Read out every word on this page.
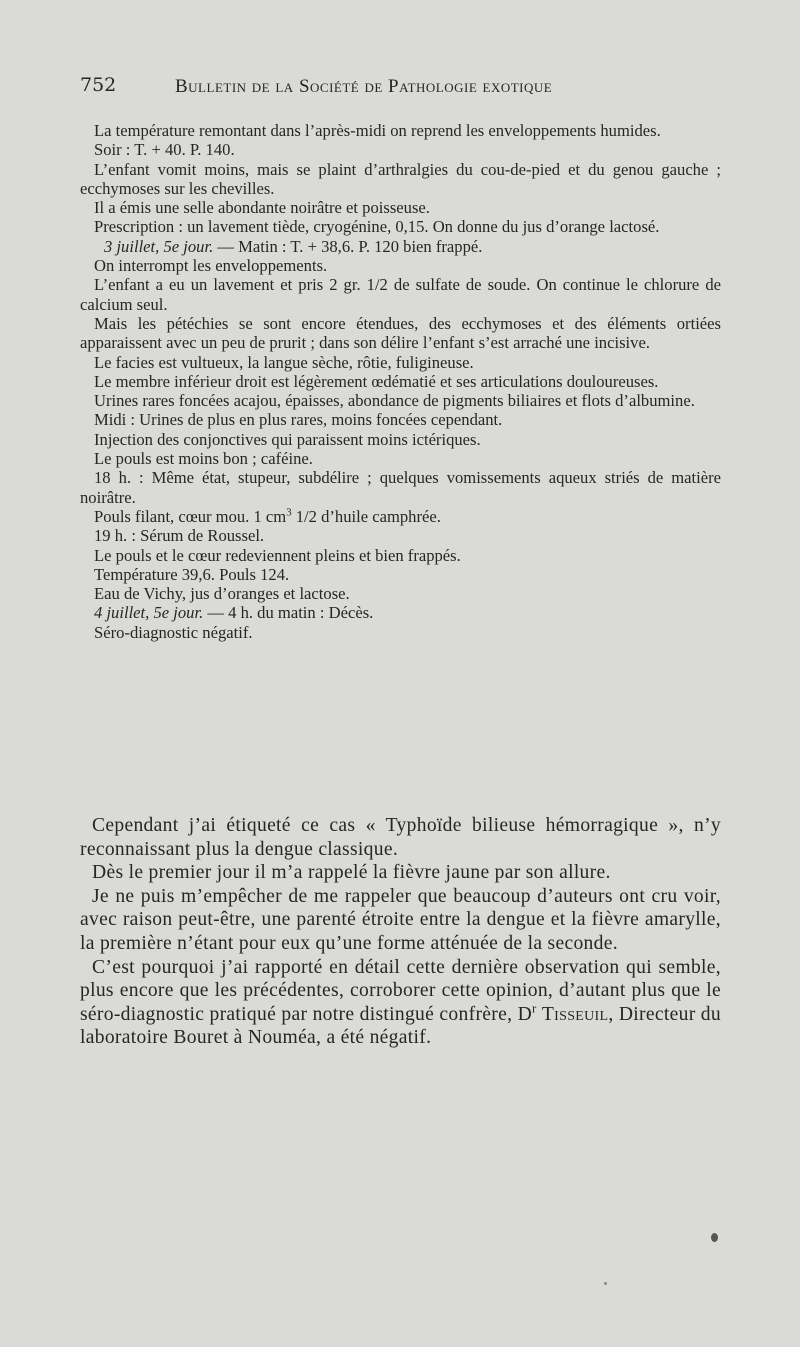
752	Bulletin de la Société de Pathologie exotique

La température remontant dans l’après-midi on reprend les enveloppements humides.

Soir : T. + 40. P. 140.

L’enfant vomit moins, mais se plaint d’arthralgies du cou-de-pied et du genou gauche ; ecchymoses sur les chevilles.

Il a émis une selle abondante noirâtre et poisseuse.

Prescription : un lavement tiède, cryogénine, 0,15. On donne du jus d’orange lactosé.

3 juillet, 5e jour. — Matin : T. + 38,6. P. 120 bien frappé.

On interrompt les enveloppements.

L’enfant a eu un lavement et pris 2 gr. 1/2 de sulfate de soude. On continue le chlorure de calcium seul.

Mais les pétéchies se sont encore étendues, des ecchymoses et des éléments ortiées apparaissent avec un peu de prurit ; dans son délire l’enfant s’est arraché une incisive.

Le facies est vultueux, la langue sèche, rôtie, fuligineuse.

Le membre inférieur droit est légèrement œdématié et ses articulations douloureuses.

Urines rares foncées acajou, épaisses, abondance de pigments biliaires et flots d’albumine.

Midi : Urines de plus en plus rares, moins foncées cependant.

Injection des conjonctives qui paraissent moins ictériques.

Le pouls est moins bon ; caféine.

18 h. : Même état, stupeur, subdélire ; quelques vomissements aqueux striés de matière noirâtre.

Pouls filant, cœur mou. 1 $cm^3$ 1/2 d’huile camphrée.

19 h. : Sérum de Roussel.

Le pouls et le cœur redeviennent pleins et bien frappés.

Température 39,6. Pouls 124.

Eau de Vichy, jus d’oranges et lactose.

4 juillet, 5e jour. — 4 h. du matin : Décès.

Séro-diagnostic négatif.

Cependant j’ai étiqueté ce cas « Typhoïde bilieuse hémorragique », n’y reconnaissant plus la dengue classique.

Dès le premier jour il m’a rappelé la fièvre jaune par son allure.

Je ne puis m’empêcher de me rappeler que beaucoup d’auteurs ont cru voir, avec raison peut-être, une parenté étroite entre la dengue et la fièvre amarylle, la première n’étant pour eux qu’une forme atténuée de la seconde.

C’est pourquoi j’ai rapporté en détail cette dernière observation qui semble, plus encore que les précédentes, corroborer cette opinion, d’autant plus que le séro-diagnostic pratiqué par notre distingué confrère, $D^r$ Tisseuil, Directeur du laboratoire Bouret à Nouméa, a été négatif.
